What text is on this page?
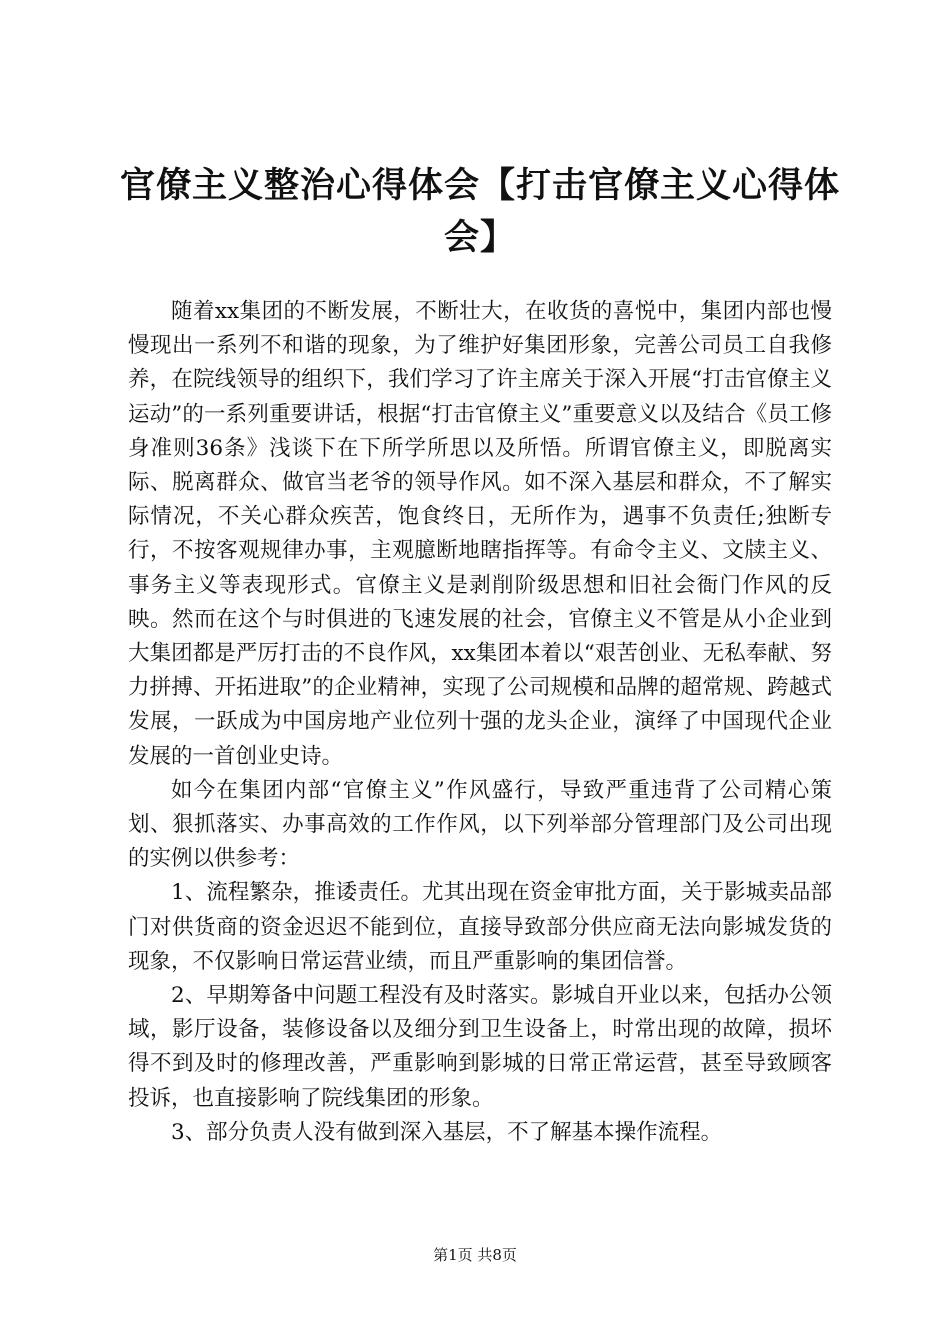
官僚主义整治心得体会【打击官僚主义心得体会】

随着xx集团的不断发展，不断壮大，在收货的喜悦中，集团内部也慢慢现出一系列不和谐的现象，为了维护好集团形象，完善公司员工自我修养，在院线领导的组织下，我们学习了许主席关于深入开展“打击官僚主义运动”的一系列重要讲话，根据“打击官僚主义”重要意义以及结合《员工修身准则36条》浅谈下在下所学所思以及所悟。所谓官僚主义，即脱离实际、脱离群众、做官当老爷的领导作风。如不深入基层和群众，不了解实际情况，不关心群众疾苦，饱食终日，无所作为，遇事不负责任;独断专行，不按客观规律办事，主观臆断地瞎指挥等。有命令主义、文牍主义、事务主义等表现形式。官僚主义是剥削阶级思想和旧社会衙门作风的反映。然而在这个与时俱进的飞速发展的社会，官僚主义不管是从小企业到大集团都是严厉打击的不良作风，xx集团本着以“艰苦创业、无私奉献、努力拼搏、开拓进取”的企业精神，实现了公司规模和品牌的超常规、跨越式发展，一跃成为中国房地产业位列十强的龙头企业，演绎了中国现代企业发展的一首创业史诗。

如今在集团内部“官僚主义”作风盛行，导致严重违背了公司精心策划、狠抓落实、办事高效的工作作风，以下列举部分管理部门及公司出现的实例以供参考：

1、流程繁杂，推诿责任。尤其出现在资金审批方面，关于影城卖品部门对供货商的资金迟迟不能到位，直接导致部分供应商无法向影城发货的现象，不仅影响日常运营业绩，而且严重影响的集团信誉。

2、早期筹备中问题工程没有及时落实。影城自开业以来，包括办公领域，影厅设备，装修设备以及细分到卫生设备上，时常出现的故障，损坏得不到及时的修理改善，严重影响到影城的日常正常运营，甚至导致顾客投诉，也直接影响了院线集团的形象。

3、部分负责人没有做到深入基层，不了解基本操作流程。

第1页 共8页
